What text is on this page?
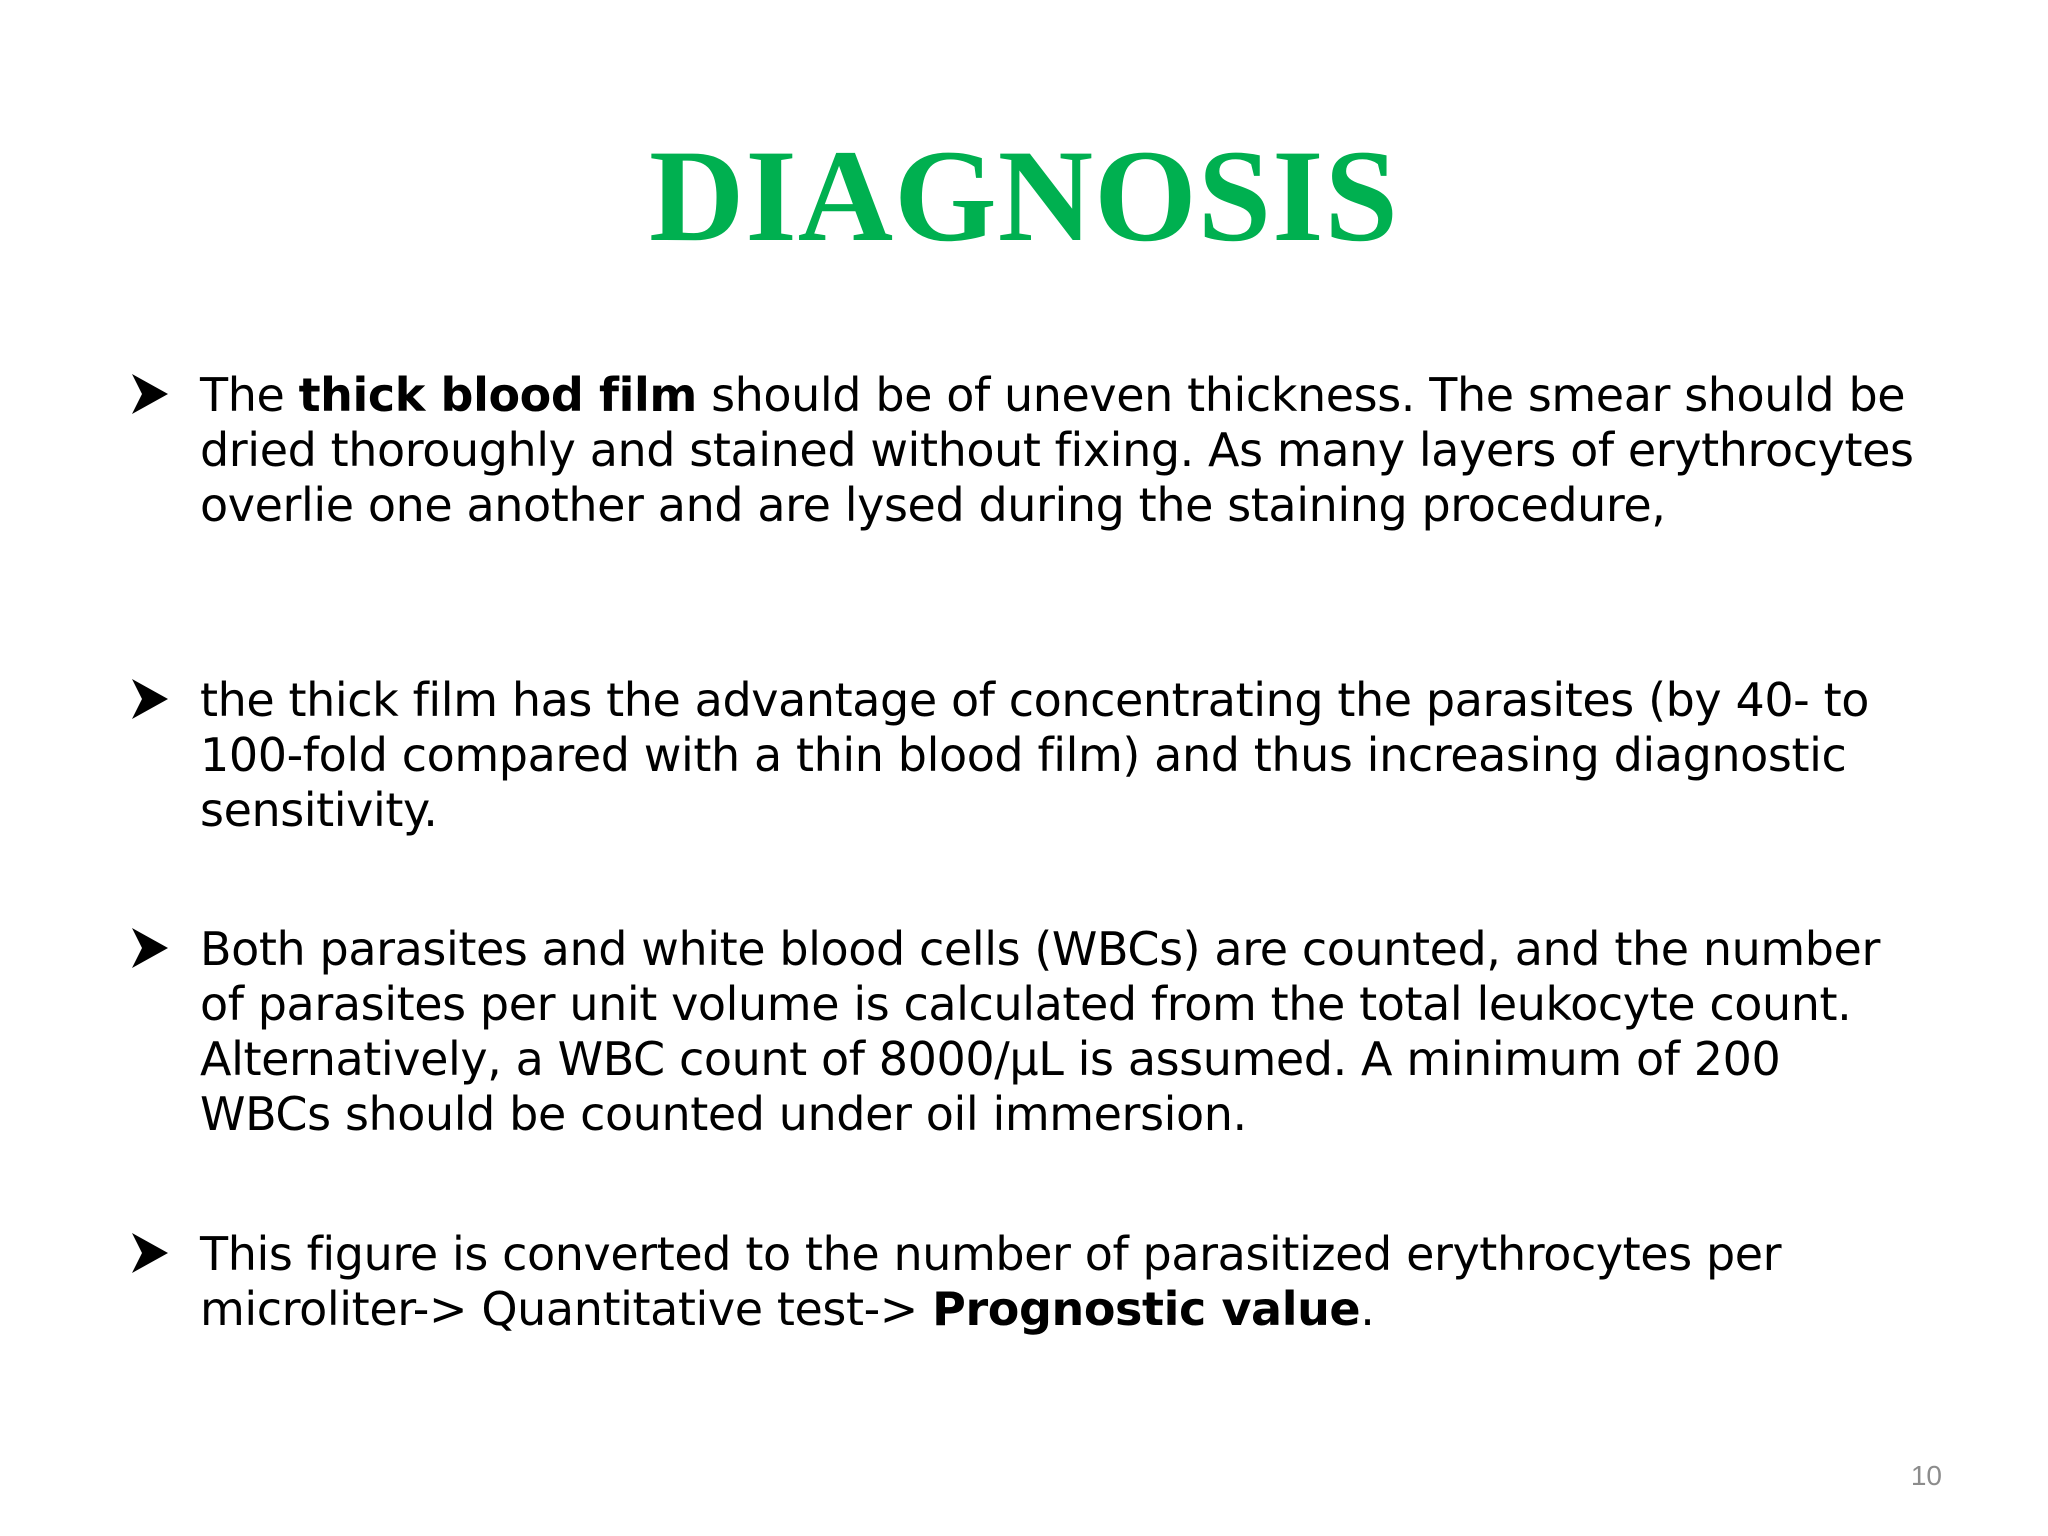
DIAGNOSIS
The thick blood film should be of uneven thickness. The smear should be dried thoroughly and stained without fixing. As many layers of erythrocytes overlie one another and are lysed during the staining procedure,
the thick film has the advantage of concentrating the parasites (by 40- to 100-fold compared with a thin blood film) and thus increasing diagnostic sensitivity.
Both parasites and white blood cells (WBCs) are counted, and the number of parasites per unit volume is calculated from the total leukocyte count. Alternatively, a WBC count of 8000/µL is assumed. A minimum of 200 WBCs should be counted under oil immersion.
This figure is converted to the number of parasitized erythrocytes per microliter-> Quantitative test-> Prognostic value.
10
